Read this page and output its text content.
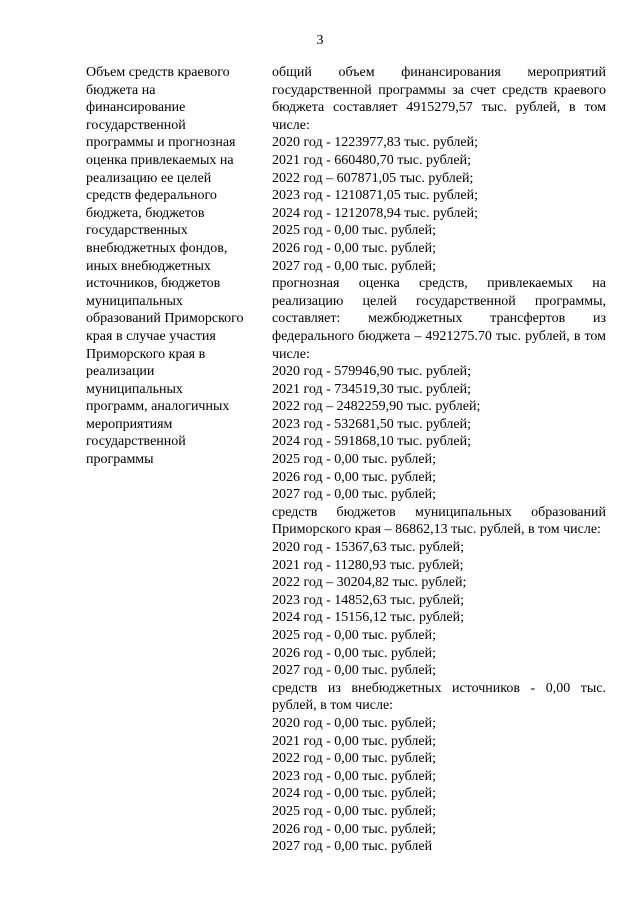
3
Объем средств краевого
бюджета на
финансирование
государственной
программы и прогнозная
оценка привлекаемых на
реализацию ее целей
средств федерального
бюджета, бюджетов
государственных
внебюджетных фондов,
иных внебюджетных
источников, бюджетов
муниципальных
образований Приморского
края в случае участия
Приморского края в
реализации
муниципальных
программ, аналогичных
мероприятиям
государственной
программы
общий объем финансирования мероприятий государственной программы за счет средств краевого бюджета составляет 4915279,57 тыс. рублей, в том числе:
2020 год - 1223977,83 тыс. рублей;
2021 год - 660480,70 тыс. рублей;
2022 год – 607871,05 тыс. рублей;
2023 год - 1210871,05 тыс. рублей;
2024 год - 1212078,94 тыс. рублей;
2025 год - 0,00 тыс. рублей;
2026 год - 0,00 тыс. рублей;
2027 год - 0,00 тыс. рублей;
прогнозная оценка средств, привлекаемых на реализацию целей государственной программы, составляет: межбюджетных трансфертов из федерального бюджета – 4921275.70 тыс. рублей, в том числе:
2020 год - 579946,90 тыс. рублей;
2021 год - 734519,30 тыс. рублей;
2022 год – 2482259,90 тыс. рублей;
2023 год - 532681,50 тыс. рублей;
2024 год - 591868,10 тыс. рублей;
2025 год - 0,00 тыс. рублей;
2026 год - 0,00 тыс. рублей;
2027 год - 0,00 тыс. рублей;
средств бюджетов муниципальных образований Приморского края – 86862,13 тыс. рублей, в том числе:
2020 год - 15367,63 тыс. рублей;
2021 год - 11280,93 тыс. рублей;
2022 год – 30204,82 тыс. рублей;
2023 год - 14852,63 тыс. рублей;
2024 год - 15156,12 тыс. рублей;
2025 год - 0,00 тыс. рублей;
2026 год - 0,00 тыс. рублей;
2027 год - 0,00 тыс. рублей;
средств из внебюджетных источников - 0,00 тыс. рублей, в том числе:
2020 год - 0,00 тыс. рублей;
2021 год - 0,00 тыс. рублей;
2022 год - 0,00 тыс. рублей;
2023 год - 0,00 тыс. рублей;
2024 год - 0,00 тыс. рублей;
2025 год - 0,00 тыс. рублей;
2026 год - 0,00 тыс. рублей;
2027 год - 0,00 тыс. рублей
